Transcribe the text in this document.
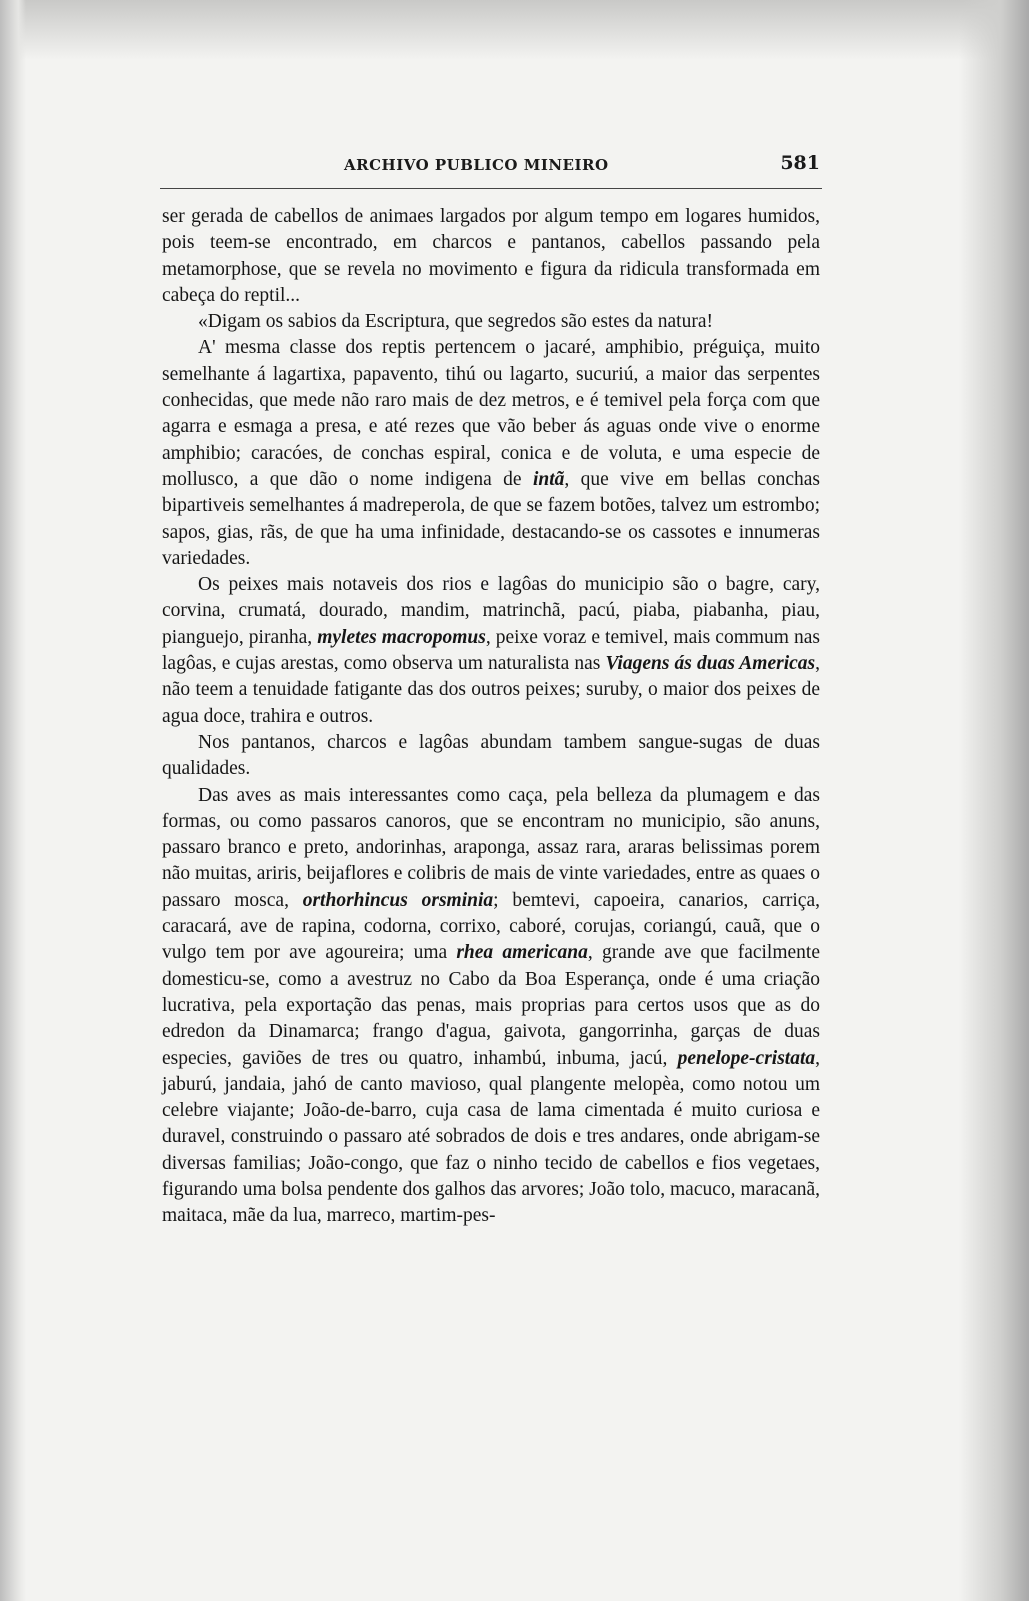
ARCHIVO PUBLICO MINEIRO	581

ser gerada de cabellos de animaes largados por algum tempo em logares humidos, pois teem-se encontrado, em charcos e pantanos, cabellos passando pela metamorphose, que se revela no movimento e figura da ridicula transformada em cabeça do reptil...

«Digam os sabios da Escriptura, que segredos são estes da natura!

A' mesma classe dos reptis pertencem o jacaré, amphibio, préguiça, muito semelhante á lagartixa, papavento, tihú ou lagarto, sucuriú, a maior das serpentes conhecidas, que mede não raro mais de dez metros, e é temivel pela força com que agarra e esmaga a presa, e até rezes que vão beber ás aguas onde vive o enorme amphibio; caracóes, de conchas espiral, conica e de voluta, e uma especie de mollusco, a que dão o nome indigena de intã, que vive em bellas conchas bipartiveis semelhantes á madreperola, de que se fazem botões, talvez um estrombo; sapos, gias, rãs, de que ha uma infinidade, destacando-se os cassotes e innumeras variedades.

Os peixes mais notaveis dos rios e lagôas do municipio são o bagre, cary, corvina, crumatá, dourado, mandim, matrinchã, pacú, piaba, piabanha, piau, pianguejo, piranha, myletes macropomus, peixe voraz e temivel, mais commum nas lagôas, e cujas arestas, como observa um naturalista nas Viagens ás duas Americas, não teem a tenuidade fatigante das dos outros peixes; suruby, o maior dos peixes de agua doce, trahira e outros.

Nos pantanos, charcos e lagôas abundam tambem sangue-sugas de duas qualidades.

Das aves as mais interessantes como caça, pela belleza da plumagem e das formas, ou como passaros canoros, que se encontram no municipio, são anuns, passaro branco e preto, andorinhas, araponga, assaz rara, araras belissimas porem não muitas, ariris, beijaflores e colibris de mais de vinte variedades, entre as quaes o passaro mosca, orthorhincus orsminia; bemtevi, capoeira, canarios, carriça, caracará, ave de rapina, codorna, corrixo, caboré, corujas, coriangú, cauã, que o vulgo tem por ave agoureira; uma rhea americana, grande ave que facilmente domesticu-se, como a avestruz no Cabo da Boa Esperança, onde é uma criação lucrativa, pela exportação das penas, mais proprias para certos usos que as do edredon da Dinamarca; frango d'agua, gaivota, gangorrinha, garças de duas especies, gaviões de tres ou quatro, inhambú, inbuma, jacú, penelope-cristata, jaburú, jandaia, jahó de canto mavioso, qual plangente melopèa, como notou um celebre viajante; João-de-barro, cuja casa de lama cimentada é muito curiosa e duravel, construindo o passaro até sobrados de dois e tres andares, onde abrigam-se diversas familias; João-congo, que faz o ninho tecido de cabellos e fios vegetaes, figurando uma bolsa pendente dos galhos das arvores; João tolo, macuco, maracanã, maitaca, mãe da lua, marreco, martim-pes-
